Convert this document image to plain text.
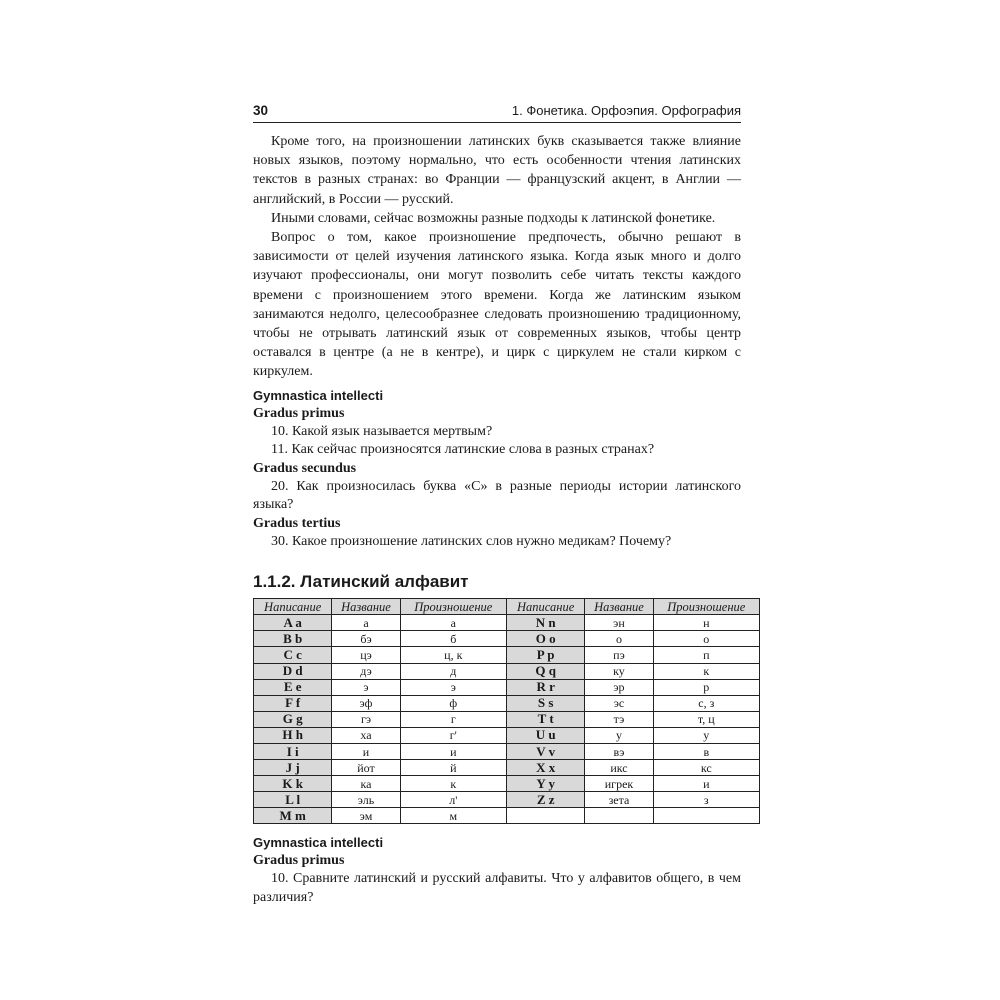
30	1. Фонетика. Орфоэпия. Орфография

Кроме того, на произношении латинских букв сказывается также влияние новых языков, поэтому нормально, что есть особенности чтения латинских текстов в разных странах: во Франции — французский акцент, в Англии — английский, в России — русский.

Иными словами, сейчас возможны разные подходы к латинской фонетике.

Вопрос о том, какое произношение предпочесть, обычно решают в зависимости от целей изучения латинского языка. Когда язык много и долго изучают профессионалы, они могут позволить себе читать тексты каждого времени с произношением этого времени. Когда же латинским языком занимаются недолго, целесообразнее следовать произношению традиционному, чтобы не отрывать латинский язык от современных языков, чтобы центр оставался в центре (а не в кентре), и цирк с циркулем не стали кирком с киркулем.

Gymnastica intellecti

Gradus primus

10. Какой язык называется мертвым?

11. Как сейчас произносятся латинские слова в разных странах?

Gradus secundus

20. Как произносилась буква «С» в разные периоды истории латинского языка?

Gradus tertius

30. Какое произношение латинских слов нужно медикам? Почему?

1.1.2. Латинский алфавит
Написание	Название	Произношение	Написание	Название	Произношение
A a	а	а	N n	эн	н
B b	бэ	б	O o	о	о
C c	цэ	ц, к	P p	пэ	п
D d	дэ	д	Q q	ку	к
E e	э	э	R r	эр	р
F f	эф	ф	S s	эс	с, з
G g	гэ	г	T t	тэ	т, ц
H h	ха	г'	U u	у	у
I i	и	и	V v	вэ	в
J j	йот	й	X x	икс	кс
K k	ка	к	Y y	игрек	и
L l	эль	л'	Z z	зета	з
M m	эм	м			
Gymnastica intellecti

Gradus primus

10. Сравните латинский и русский алфавиты. Что у алфавитов общего, в чем различия?
